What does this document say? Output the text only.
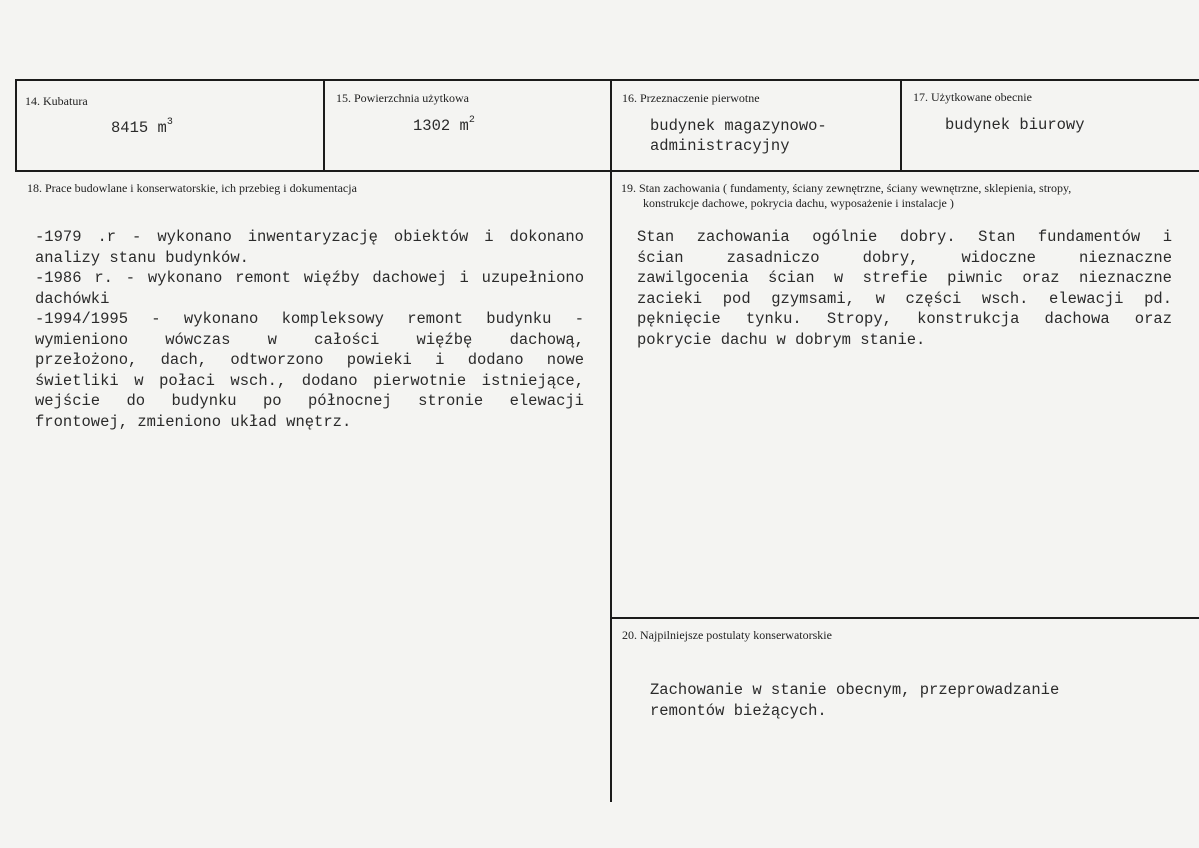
14. Kubatura
8415 $m^3$
15. Powierzchnia użytkowa
1302 $m^2$
16. Przeznaczenie pierwotne
budynek magazynowo-
administracyjny
17. Użytkowane obecnie
budynek biurowy
18. Prace budowlane i konserwatorskie, ich przebieg i dokumentacja
-1979 .r - wykonano inwentaryzację obiektów i dokonano
analizy stanu budynków.
-1986 r. - wykonano remont więźby dachowej i uzupełniono
dachówki
-1994/1995 - wykonano kompleksowy remont budynku -
wymieniono wówczas w całości więźbę dachową,
przełożono, dach, odtworzono powieki i dodano nowe
świetliki w połaci wsch., dodano pierwotnie istniejące,
wejście do budynku po północnej stronie elewacji
frontowej, zmieniono układ wnętrz.
19. Stan zachowania ( fundamenty, ściany zewnętrzne, ściany wewnętrzne, sklepienia, stropy,
konstrukcje dachowe, pokrycia dachu, wyposażenie i instalacje )
Stan zachowania ogólnie dobry. Stan fundamentów i
ścian zasadniczo dobry, widoczne nieznaczne
zawilgocenia ścian w strefie piwnic oraz nieznaczne
zacieki pod gzymsami, w części wsch. elewacji pd.
pęknięcie tynku. Stropy, konstrukcja dachowa oraz
pokrycie dachu w dobrym stanie.
20. Najpilniejsze postulaty konserwatorskie
Zachowanie w stanie obecnym, przeprowadzanie
remontów bieżących.
